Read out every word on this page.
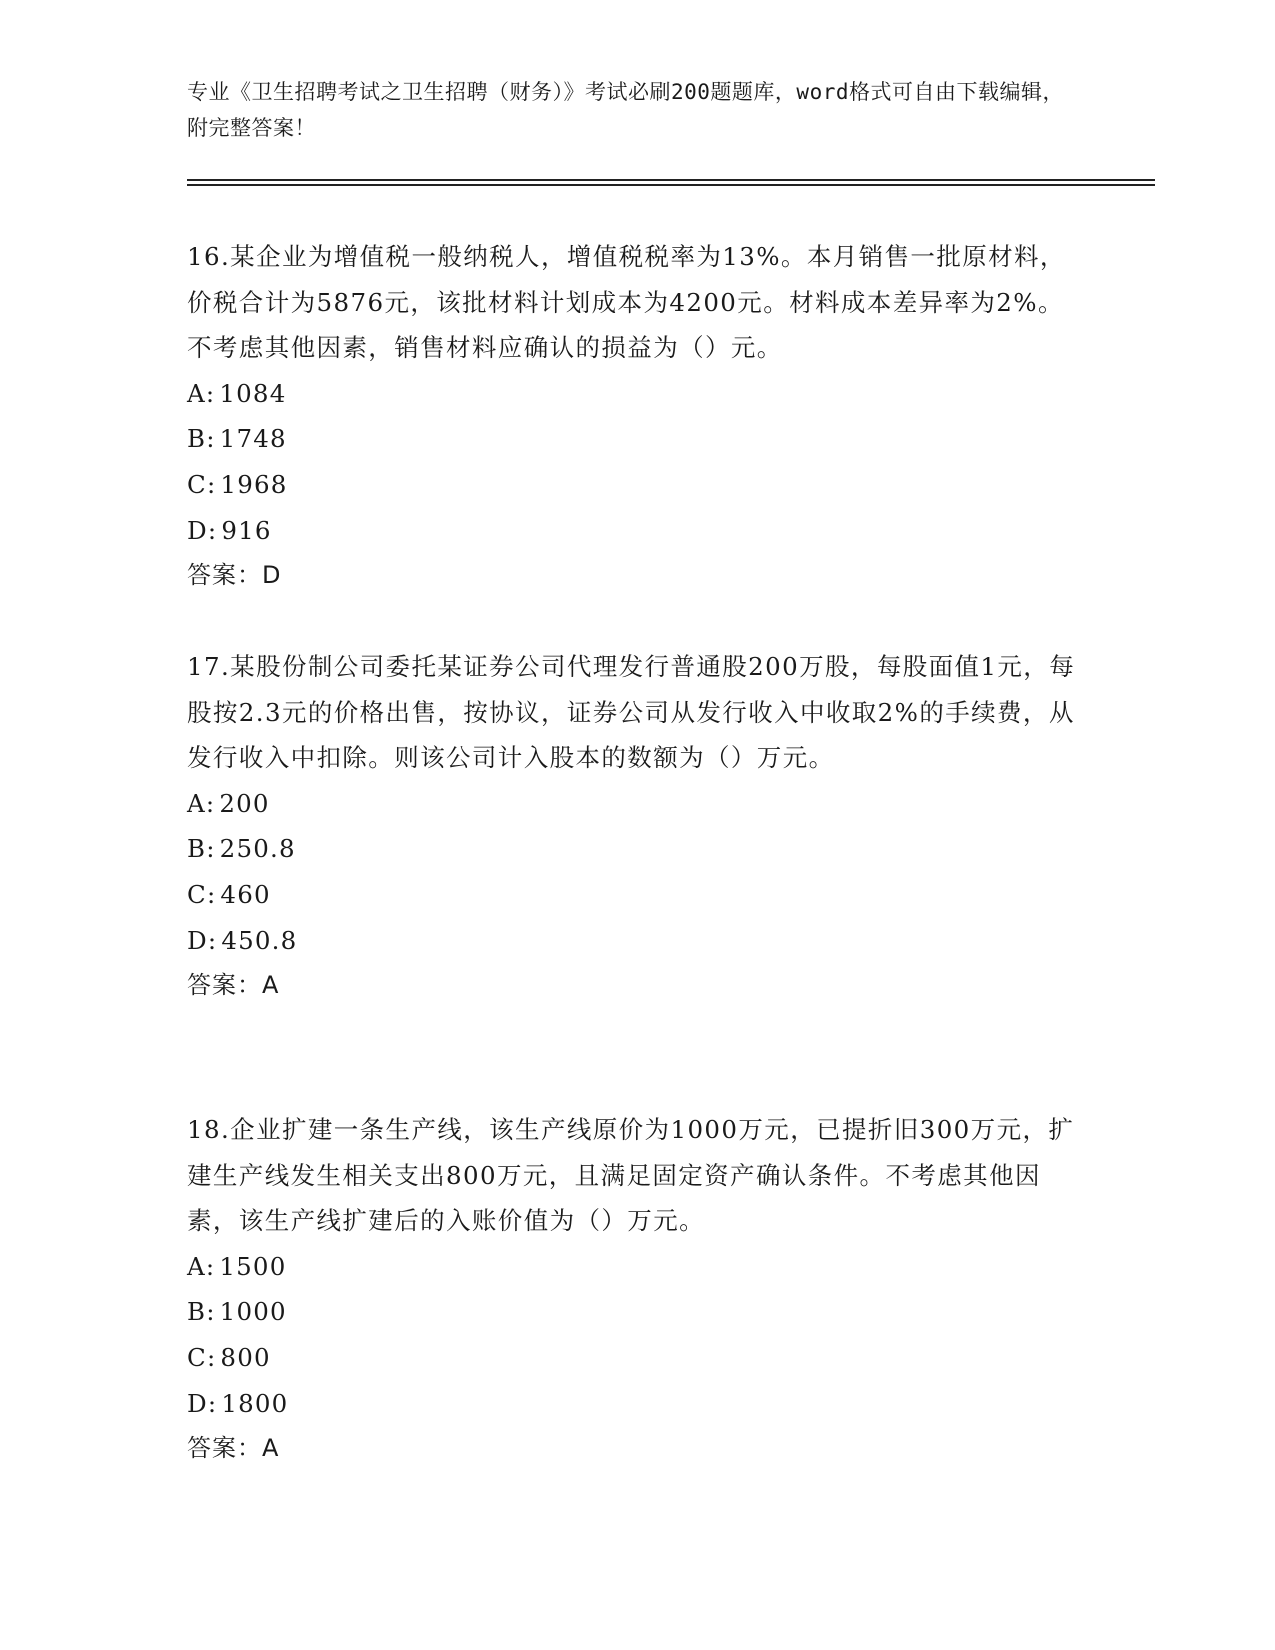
专业《卫生招聘考试之卫生招聘（财务）》考试必刷200题题库，word格式可自由下载编辑，附完整答案！

16.某企业为增值税一般纳税人，增值税税率为13%。本月销售一批原材料，价税合计为5876元，该批材料计划成本为4200元。材料成本差异率为2%。不考虑其他因素，销售材料应确认的损益为（）元。

A: 1084

B: 1748

C: 1968

D: 916

答案：D

17.某股份制公司委托某证券公司代理发行普通股200万股，每股面值1元，每股按2.3元的价格出售，按协议，证券公司从发行收入中收取2%的手续费，从发行收入中扣除。则该公司计入股本的数额为（）万元。

A: 200

B: 250.8

C: 460

D: 450.8

答案：A

18.企业扩建一条生产线，该生产线原价为1000万元，已提折旧300万元，扩建生产线发生相关支出800万元，且满足固定资产确认条件。不考虑其他因素，该生产线扩建后的入账价值为（）万元。

A: 1500

B: 1000

C: 800

D: 1800

答案：A
